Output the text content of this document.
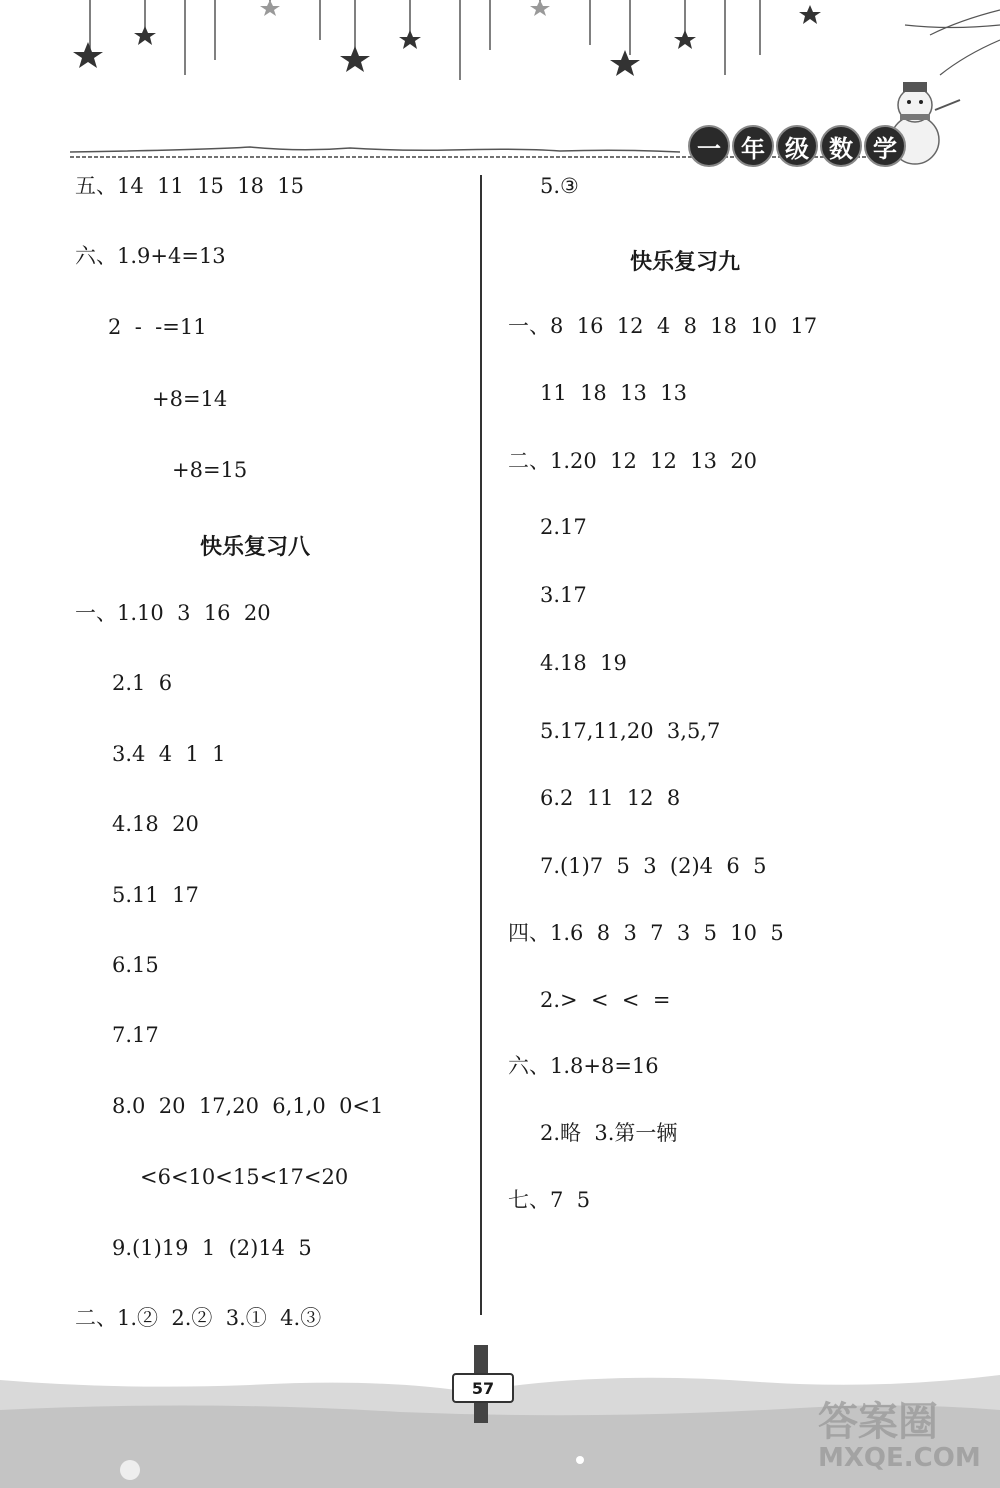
一 年 级 数 学
五、14  11  15  18  15
六、1.9+4=13
2  -  -=11
+8=14
+8=15
快乐复习八
一、1.10  3  16  20
2.1  6
3.4  4  1  1
4.18  20
5.11  17
6.15
7.17
8.0  20  17,20  6,1,0  0<1
<6<10<15<17<20
9.(1)19  1  (2)14  5
二、1.②  2.②  3.①  4.③
5.③
快乐复习九
一、8  16  12  4  8  18  10  17
11  18  13  13
二、1.20  12  12  13  20
2.17
3.17
4.18  19
5.17,11,20  3,5,7
6.2  11  12  8
7.(1)7  5  3  (2)4  6  5
四、1.6  8  3  7  3  5  10  5
2.>  <  <  =
六、1.8+8=16
2.略  3.第一辆
七、7  5
57
答案圈
MXQE.COM
